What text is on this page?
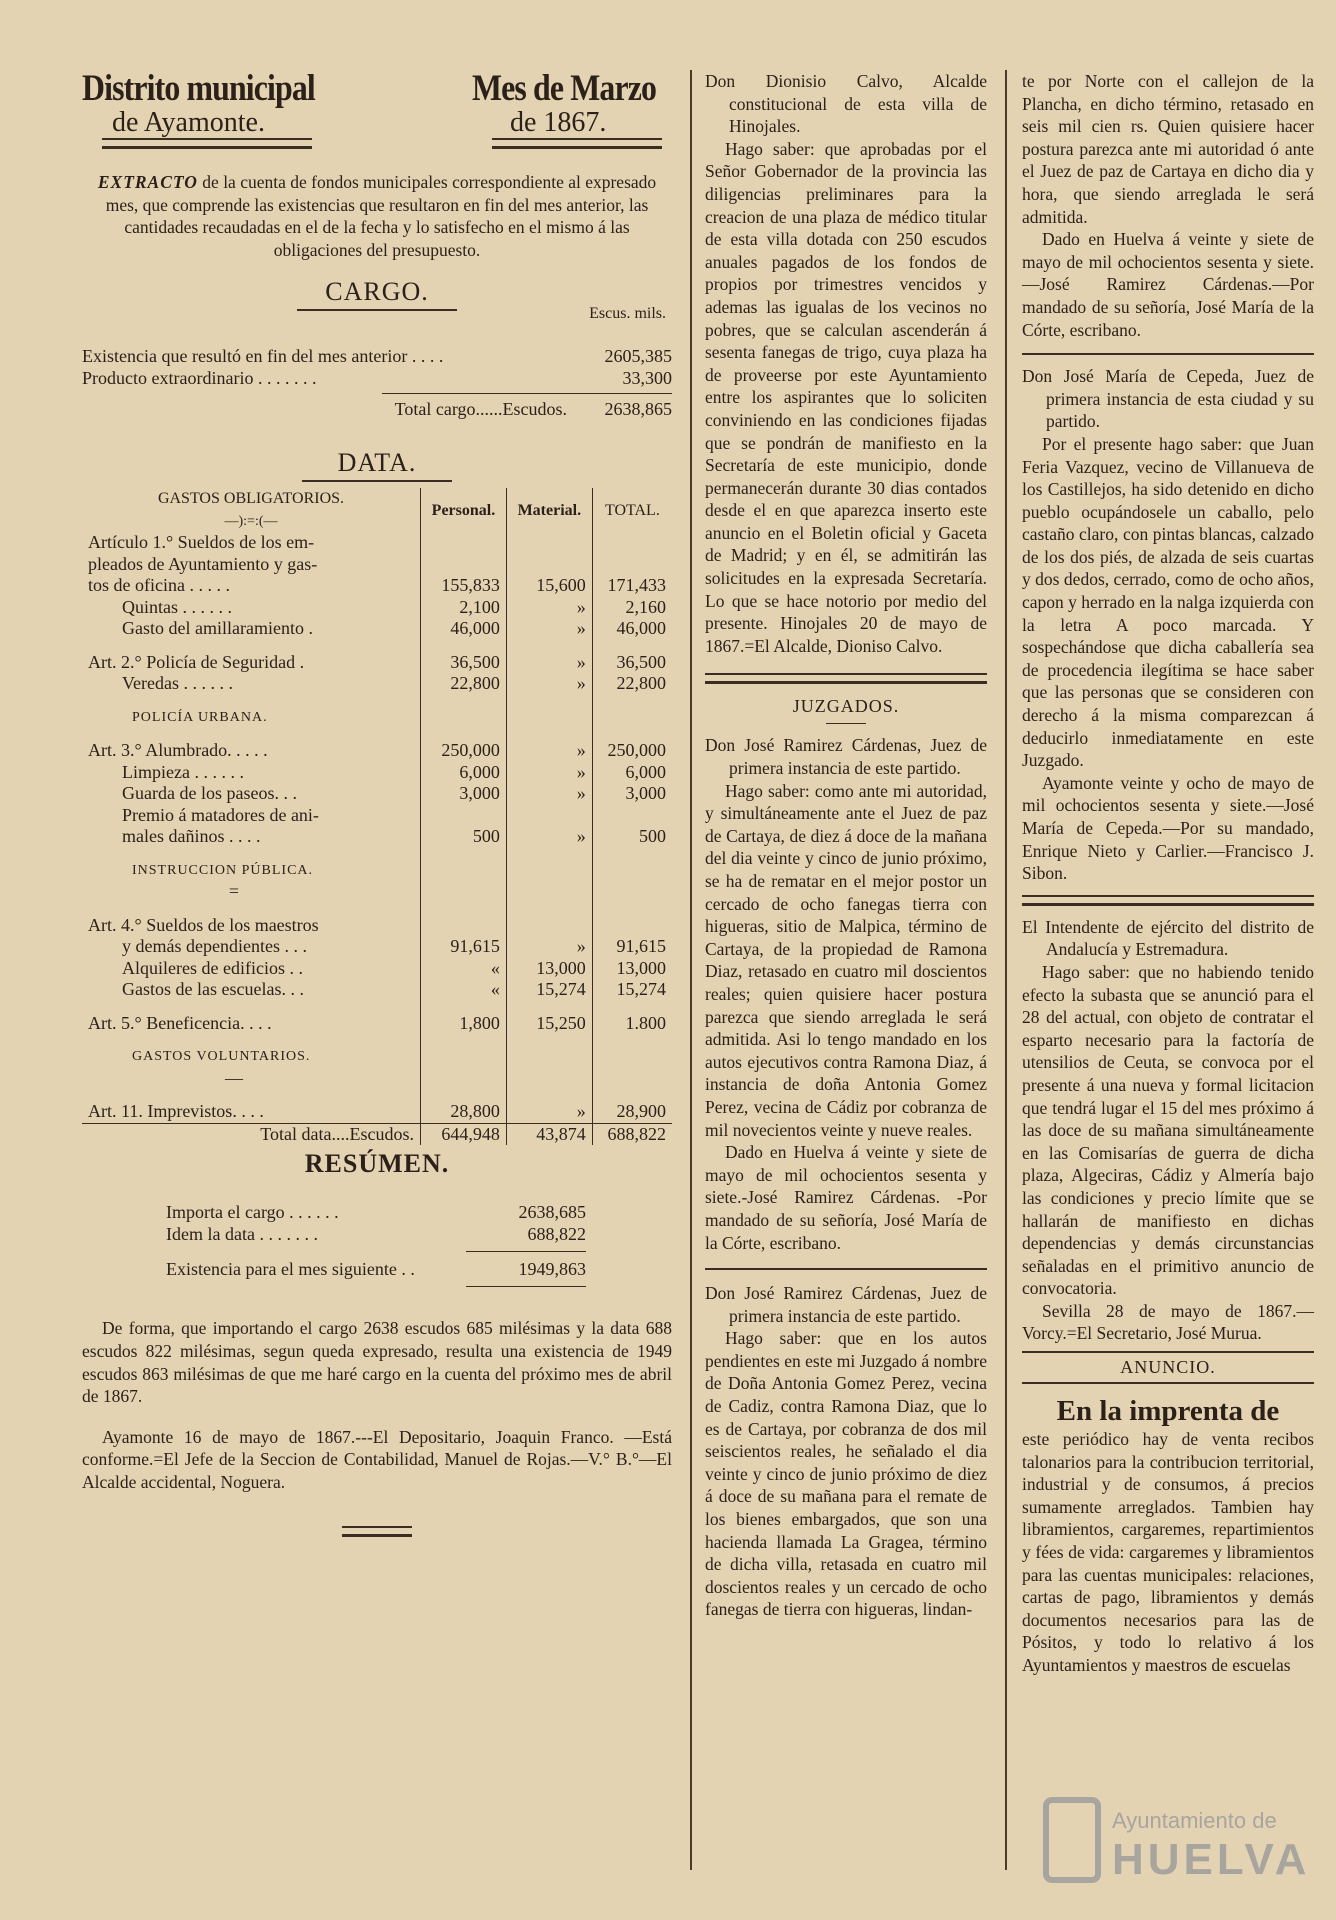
Distrito municipal
de Ayamonte.
Mes de Marzo
de 1867.

EXTRACTO de la cuenta de fondos municipales correspondiente al expresado mes, que comprende las existencias que resultaron en fin del mes anterior, las cantidades recaudadas en el de la fecha y lo satisfecho en el mismo á las obligaciones del presupuesto.

CARGO.
Escus. mils.
Existencia que resultó en fin del mes anterior . . . .	2605,385
Producto extraordinario . . . . . . .	33,300
Total cargo......Escudos.	2638,865
DATA.
GASTOS OBLIGATORIOS.
—):=:(—	Personal.	Material.	TOTAL.
Artículo 1.° Sueldos de los em-			
pleados de Ayuntamiento y gas-			
tos de oficina . . . . .	155,833	15,600	171,433
Quintas . . . . . .	2,100	»	2,160
Gasto del amillaramiento .	46,000	»	46,000

Art. 2.° Policía de Seguridad .	36,500	»	36,500
Veredas . . . . . .	22,800	»	22,800

POLICÍA URBANA.			

Art. 3.° Alumbrado. . . . .	250,000	»	250,000
Limpieza . . . . . .	6,000	»	6,000
Guarda de los paseos. . .	3,000	»	3,000
Premio á matadores de ani-			
males dañinos . . . .	500	»	500

INSTRUCCION PÚBLICA.			
=			

Art. 4.° Sueldos de los maestros			
y demás dependientes . . .	91,615	»	91,615
Alquileres de edificios . .	«	13,000	13,000
Gastos de las escuelas. . .	«	15,274	15,274

Art. 5.° Beneficencia. . . .	1,800	15,250	1.800

GASTOS VOLUNTARIOS.			
—			

Art. 11. Imprevistos. . . .	28,800	»	28,900
Total data....Escudos.	644,948	43,874	688,822
RESÚMEN.
Importa el cargo . . . . . .	2638,685
Idem la data . . . . . . .	688,822
Existencia para el mes siguiente . .	1949,863

De forma, que importando el cargo 2638 escudos 685 milésimas y la data 688 escudos 822 milésimas, segun queda expresado, resulta una existencia de 1949 escudos 863 milésimas de que me haré cargo en la cuenta del próximo mes de abril de 1867.

Ayamonte 16 de mayo de 1867.---El Depositario, Joaquin Franco. —Está conforme.=El Jefe de la Seccion de Contabilidad, Manuel de Rojas.—V.° B.°—El Alcalde accidental, Noguera.

Don Dionisio Calvo, Alcalde constitucional de esta villa de Hinojales.

Hago saber: que aprobadas por el Señor Gobernador de la provincia las diligencias preliminares para la creacion de una plaza de médico titular de esta villa dotada con 250 escudos anuales pagados de los fondos de propios por trimestres vencidos y ademas las igualas de los vecinos no pobres, que se calculan ascenderán á sesenta fanegas de trigo, cuya plaza ha de proveerse por este Ayuntamiento entre los aspirantes que lo soliciten conviniendo en las condiciones fijadas que se pondrán de manifiesto en la Secretaría de este municipio, donde permanecerán durante 30 dias contados desde el en que aparezca inserto este anuncio en el Boletin oficial y Gaceta de Madrid; y en él, se admitirán las solicitudes en la expresada Secretaría. Lo que se hace notorio por medio del presente. Hinojales 20 de mayo de 1867.=El Alcalde, Dioniso Calvo.

JUZGADOS.

Don José Ramirez Cárdenas, Juez de primera instancia de este partido.

Hago saber: como ante mi autoridad, y simultáneamente ante el Juez de paz de Cartaya, de diez á doce de la mañana del dia veinte y cinco de junio próximo, se ha de rematar en el mejor postor un cercado de ocho fanegas tierra con higueras, sitio de Malpica, término de Cartaya, de la propiedad de Ramona Diaz, retasado en cuatro mil doscientos reales; quien quisiere hacer postura parezca que siendo arreglada le será admitida. Asi lo tengo mandado en los autos ejecutivos contra Ramona Diaz, á instancia de doña Antonia Gomez Perez, vecina de Cádiz por cobranza de mil novecientos veinte y nueve reales.

Dado en Huelva á veinte y siete de mayo de mil ochocientos sesenta y siete.-José Ramirez Cárdenas. -Por mandado de su señoría, José María de la Córte, escribano.

Don José Ramirez Cárdenas, Juez de primera instancia de este partido.

Hago saber: que en los autos pendientes en este mi Juzgado á nombre de Doña Antonia Gomez Perez, vecina de Cadiz, contra Ramona Diaz, que lo es de Cartaya, por cobranza de dos mil seiscientos reales, he señalado el dia veinte y cinco de junio próximo de diez á doce de su mañana para el remate de los bienes embargados, que son una hacienda llamada La Gragea, término de dicha villa, retasada en cuatro mil doscientos reales y un cercado de ocho fanegas de tierra con higueras, lindan-

te por Norte con el callejon de la Plancha, en dicho término, retasado en seis mil cien rs. Quien quisiere hacer postura parezca ante mi autoridad ó ante el Juez de paz de Cartaya en dicho dia y hora, que siendo arreglada le será admitida.

Dado en Huelva á veinte y siete de mayo de mil ochocientos sesenta y siete.—José Ramirez Cárdenas.—Por mandado de su señoría, José María de la Córte, escribano.

Don José María de Cepeda, Juez de primera instancia de esta ciudad y su partido.

Por el presente hago saber: que Juan Feria Vazquez, vecino de Villanueva de los Castillejos, ha sido detenido en dicho pueblo ocupándosele un caballo, pelo castaño claro, con pintas blancas, calzado de los dos piés, de alzada de seis cuartas y dos dedos, cerrado, como de ocho años, capon y herrado en la nalga izquierda con la letra A poco marcada. Y sospechándose que dicha caballería sea de procedencia ilegítima se hace saber que las personas que se consideren con derecho á la misma comparezcan á deducirlo inmediatamente en este Juzgado.

Ayamonte veinte y ocho de mayo de mil ochocientos sesenta y siete.—José María de Cepeda.—Por su mandado, Enrique Nieto y Carlier.—Francisco J. Sibon.

El Intendente de ejército del distrito de Andalucía y Estremadura.

Hago saber: que no habiendo tenido efecto la subasta que se anunció para el 28 del actual, con objeto de contratar el esparto necesario para la factoría de utensilios de Ceuta, se convoca por el presente á una nueva y formal licitacion que tendrá lugar el 15 del mes próximo á las doce de su mañana simultáneamente en las Comisarías de guerra de dicha plaza, Algeciras, Cádiz y Almería bajo las condiciones y precio límite que se hallarán de manifiesto en dichas dependencias y demás circunstancias señaladas en el primitivo anuncio de convocatoria.

Sevilla 28 de mayo de 1867.—Vorcy.=El Secretario, José Murua.

ANUNCIO.
En la imprenta de

este periódico hay de venta recibos talonarios para la contribucion territorial, industrial y de consumos, á precios sumamente arreglados. Tambien hay libramientos, cargaremes, repartimientos y fées de vida: cargaremes y libramientos para las cuentas municipales: relaciones, cartas de pago, libramientos y demás documentos necesarios para las de Pósitos, y todo lo relativo á los Ayuntamientos y maestros de escuelas

Ayuntamiento de
HUELVA
